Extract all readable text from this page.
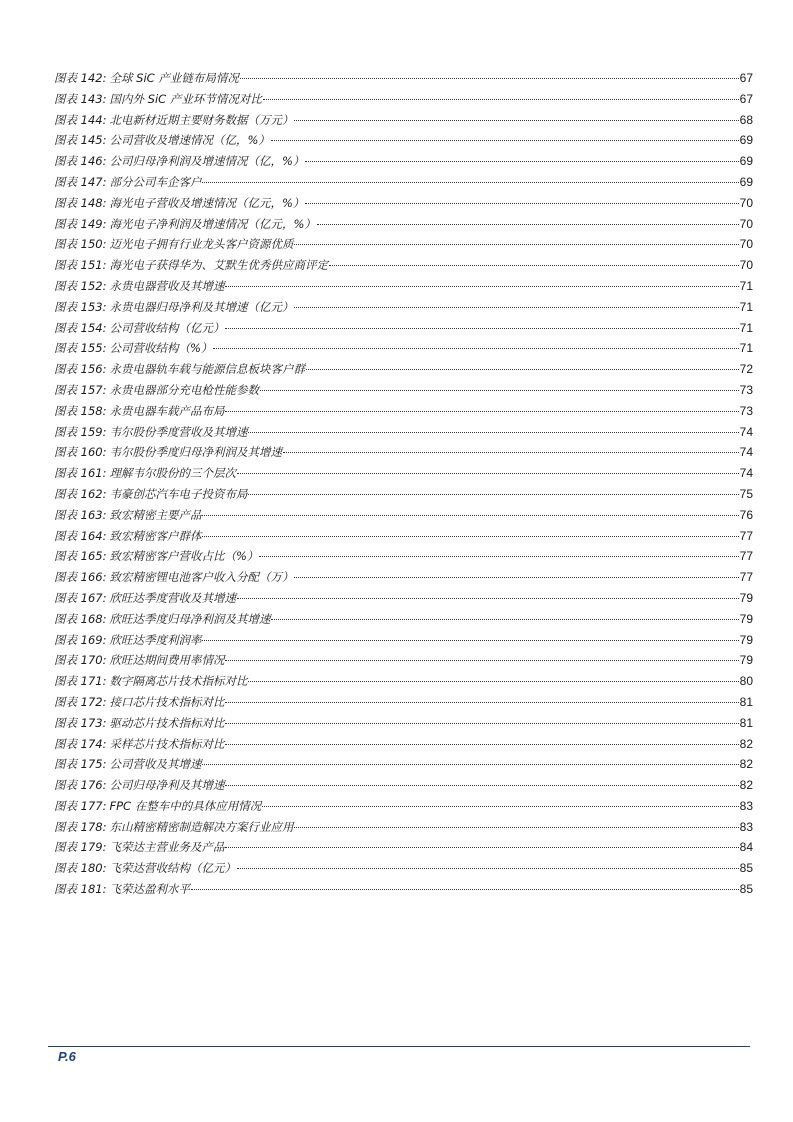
图表 142: 全球 SiC 产业链布局情况	67
图表 143: 国内外 SiC 产业环节情况对比	67
图表 144: 北电新材近期主要财务数据（万元）	68
图表 145: 公司营收及增速情况（亿，%）	69
图表 146: 公司归母净利润及增速情况（亿，%）	69
图表 147: 部分公司车企客户	69
图表 148: 海光电子营收及增速情况（亿元，%）	70
图表 149: 海光电子净利润及增速情况（亿元，%）	70
图表 150: 迈光电子拥有行业龙头客户资源优质	70
图表 151: 海光电子获得华为、艾默生优秀供应商评定	70
图表 152: 永贵电器营收及其增速	71
图表 153: 永贵电器归母净利及其增速（亿元）	71
图表 154: 公司营收结构（亿元）	71
图表 155: 公司营收结构（%）	71
图表 156: 永贵电器轨车载与能源信息板块客户群	72
图表 157: 永贵电器部分充电枪性能参数	73
图表 158: 永贵电器车载产品布局	73
图表 159: 韦尔股份季度营收及其增速	74
图表 160: 韦尔股份季度归母净利润及其增速	74
图表 161: 理解韦尔股份的三个层次	74
图表 162: 韦豪创芯汽车电子投资布局	75
图表 163: 致宏精密主要产品	76
图表 164: 致宏精密客户群体	77
图表 165: 致宏精密客户营收占比（%）	77
图表 166: 致宏精密锂电池客户收入分配（万）	77
图表 167: 欣旺达季度营收及其增速	79
图表 168: 欣旺达季度归母净利润及其增速	79
图表 169: 欣旺达季度利润率	79
图表 170: 欣旺达期间费用率情况	79
图表 171: 数字隔离芯片技术指标对比	80
图表 172: 接口芯片技术指标对比	81
图表 173: 驱动芯片技术指标对比	81
图表 174: 采样芯片技术指标对比	82
图表 175: 公司营收及其增速	82
图表 176: 公司归母净利及其增速	82
图表 177: FPC 在整车中的具体应用情况	83
图表 178: 东山精密精密制造解决方案行业应用	83
图表 179: 飞荣达主营业务及产品	84
图表 180: 飞荣达营收结构（亿元）	85
图表 181: 飞荣达盈利水平	85
P.6
